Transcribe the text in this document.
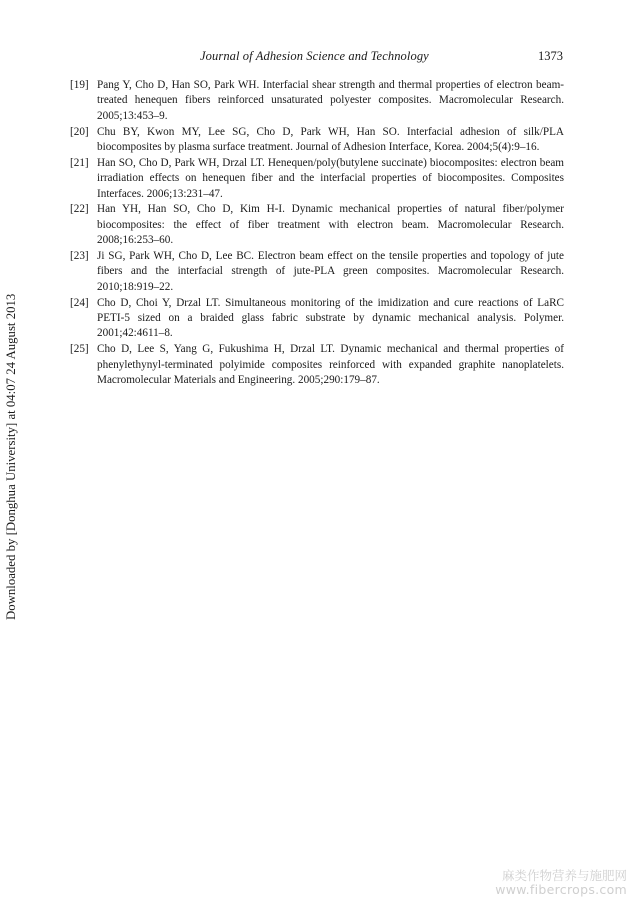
Journal of Adhesion Science and Technology	1373
[19] Pang Y, Cho D, Han SO, Park WH. Interfacial shear strength and thermal properties of electron beam-treated henequen fibers reinforced unsaturated polyester composites. Macromolecular Research. 2005;13:453–9.
[20] Chu BY, Kwon MY, Lee SG, Cho D, Park WH, Han SO. Interfacial adhesion of silk/PLA biocomposites by plasma surface treatment. Journal of Adhesion Interface, Korea. 2004;5(4):9–16.
[21] Han SO, Cho D, Park WH, Drzal LT. Henequen/poly(butylene succinate) biocomposites: electron beam irradiation effects on henequen fiber and the interfacial properties of biocomposites. Composites Interfaces. 2006;13:231–47.
[22] Han YH, Han SO, Cho D, Kim H-I. Dynamic mechanical properties of natural fiber/polymer biocomposites: the effect of fiber treatment with electron beam. Macromolecular Research. 2008;16:253–60.
[23] Ji SG, Park WH, Cho D, Lee BC. Electron beam effect on the tensile properties and topology of jute fibers and the interfacial strength of jute-PLA green composites. Macromolecular Research. 2010;18:919–22.
[24] Cho D, Choi Y, Drzal LT. Simultaneous monitoring of the imidization and cure reactions of LaRC PETI-5 sized on a braided glass fabric substrate by dynamic mechanical analysis. Polymer. 2001;42:4611–8.
[25] Cho D, Lee S, Yang G, Fukushima H, Drzal LT. Dynamic mechanical and thermal properties of phenylethynyl-terminated polyimide composites reinforced with expanded graphite nanoplatelets. Macromolecular Materials and Engineering. 2005;290:179–87.
Downloaded by [Donghua University] at 04:07 24 August 2013
麻类作物营养与施肥网
www.fibercrops.com
